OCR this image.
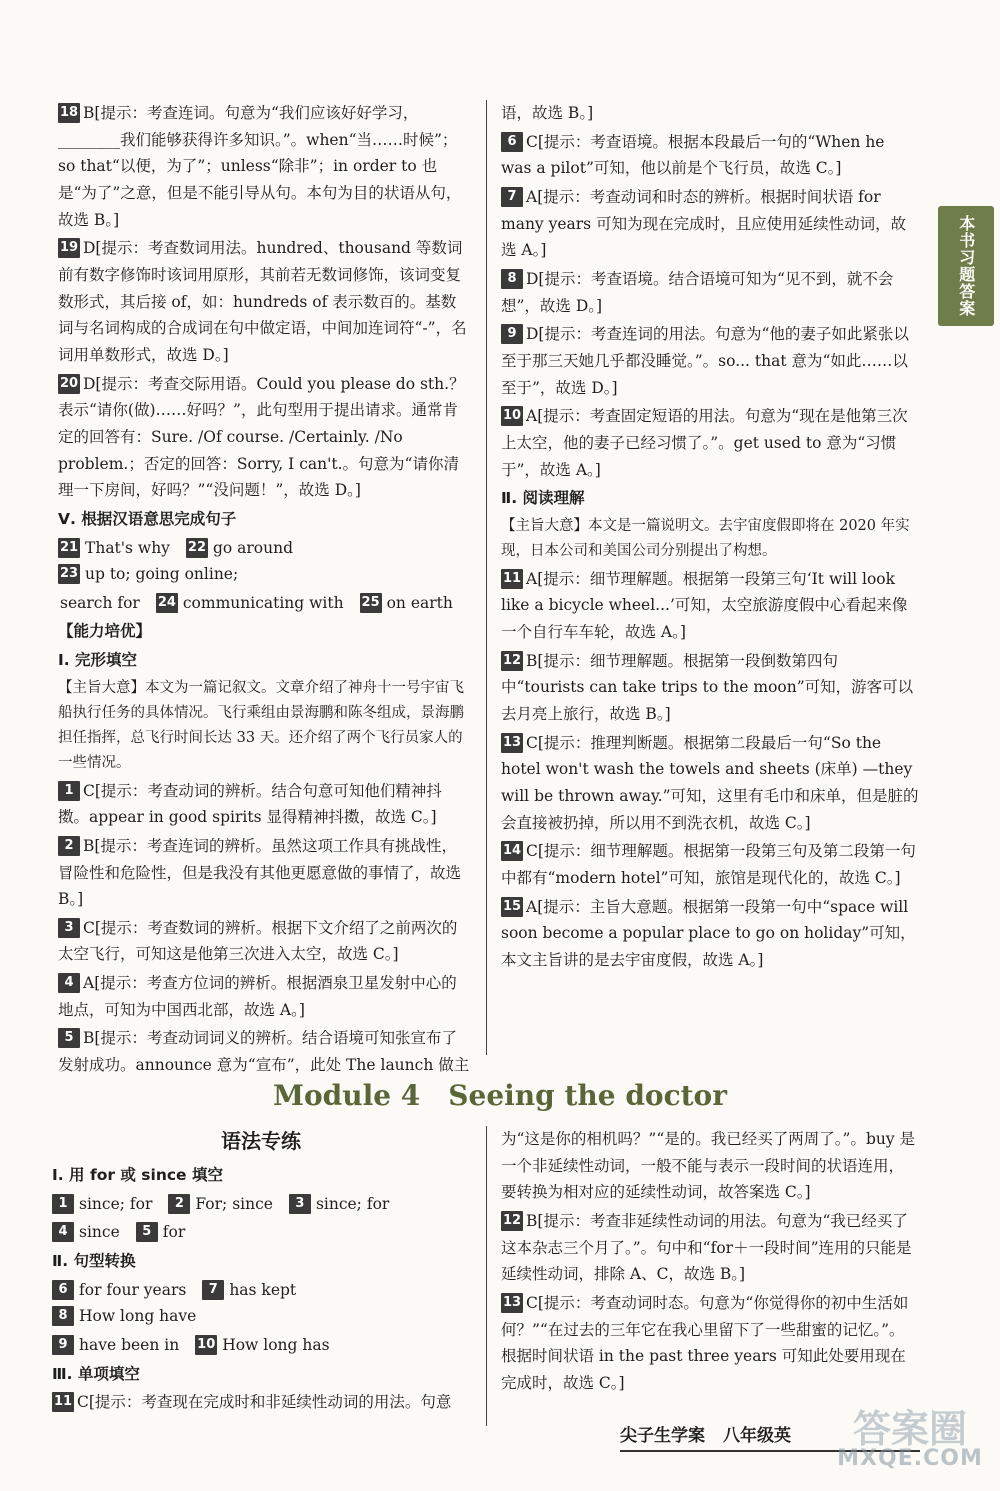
18 B[提示：考查连词。句意为“我们应该好好学习，________我们能够获得许多知识。”。when“当……时候”；so that“以便，为了”；unless“除非”；in order to 也是“为了”之意，但是不能引导从句。本句为目的状语从句，故选 B。]
19 D[提示：考查数词用法。hundred、thousand 等数词前有数字修饰时该词用原形，其前若无数词修饰，该词变复数形式，其后接 of，如：hundreds of 表示数百的。基数词与名词构成的合成词在句中做定语，中间加连词符“-”，名词用单数形式，故选 D。]
20 D[提示：考查交际用语。Could you please do sth.？表示“请你(做)……好吗？”，此句型用于提出请求。通常肯定的回答有：Sure. /Of course. /Certainly. /No problem.；否定的回答：Sorry, I can't.。句意为“请你清理一下房间，好吗？”“没问题！”，故选 D。]
Ⅴ. 根据汉语意思完成句子
21 That's why 22 go around23 up to; going online;
search for 24 communicating with 25 on earth
【能力培优】
Ⅰ. 完形填空
【主旨大意】本文为一篇记叙文。文章介绍了神舟十一号宇宙飞船执行任务的具体情况。飞行乘组由景海鹏和陈冬组成，景海鹏担任指挥，总飞行时间长达 33 天。还介绍了两个飞行员家人的一些情况。
1 C[提示：考查动词的辨析。结合句意可知他们精神抖擞。appear in good spirits 显得精神抖擞，故选 C。]
2 B[提示：考查连词的辨析。虽然这项工作具有挑战性，冒险性和危险性，但是我没有其他更愿意做的事情了，故选 B。]
3 C[提示：考查数词的辨析。根据下文介绍了之前两次的太空飞行，可知这是他第三次进入太空，故选 C。]
4 A[提示：考查方位词的辨析。根据酒泉卫星发射中心的地点，可知为中国西北部，故选 A。]
5 B[提示：考查动词词义的辨析。结合语境可知张宣布了发射成功。announce 意为“宣布”，此处 The launch 做主
语，故选 B。]
6 C[提示：考查语境。根据本段最后一句的“When he was a pilot”可知，他以前是个飞行员，故选 C。]
7 A[提示：考查动词和时态的辨析。根据时间状语 for many years 可知为现在完成时，且应使用延续性动词，故选 A。]
8 D[提示：考查语境。结合语境可知为“见不到，就不会想”，故选 D。]
9 D[提示：考查连词的用法。句意为“他的妻子如此紧张以至于那三天她几乎都没睡觉。”。so... that 意为“如此……以至于”，故选 D。]
10 A[提示：考查固定短语的用法。句意为“现在是他第三次上太空，他的妻子已经习惯了。”。get used to 意为“习惯于”，故选 A。]
Ⅱ. 阅读理解
【主旨大意】本文是一篇说明文。去宇宙度假即将在 2020 年实现，日本公司和美国公司分别提出了构想。
11 A[提示：细节理解题。根据第一段第三句‘It will look like a bicycle wheel...’可知，太空旅游度假中心看起来像一个自行车车轮，故选 A。]
12 B[提示：细节理解题。根据第一段倒数第四句中“tourists can take trips to the moon”可知，游客可以去月亮上旅行，故选 B。]
13 C[提示：推理判断题。根据第二段最后一句“So the hotel won't wash the towels and sheets (床单) —they will be thrown away.”可知，这里有毛巾和床单，但是脏的会直接被扔掉，所以用不到洗衣机，故选 C。]
14 C[提示：细节理解题。根据第一段第三句及第二段第一句中都有“modern hotel”可知，旅馆是现代化的，故选 C。]
15 A[提示：主旨大意题。根据第一段第一句中“space will soon become a popular place to go on holiday”可知，本文主旨讲的是去宇宙度假，故选 A。]
本书习题答案
Module 4 Seeing the doctor
语法专练
Ⅰ. 用 for 或 since 填空
1 since; for 2 For; since 3 since; for
4 since 5 for
Ⅱ. 句型转换
6 for four years 7 has kept8 How long have
9 have been in 10 How long has
Ⅲ. 单项填空
11 C[提示：考查现在完成时和非延续性动词的用法。句意
为“这是你的相机吗？”“是的。我已经买了两周了。”。buy 是一个非延续性动词，一般不能与表示一段时间的状语连用，要转换为相对应的延续性动词，故答案选 C。]
12 B[提示：考查非延续性动词的用法。句意为“我已经买了这本杂志三个月了。”。句中和“for＋一段时间”连用的只能是延续性动词，排除 A、C，故选 B。]
13 C[提示：考查动词时态。句意为“你觉得你的初中生活如何？”“在过去的三年它在我心里留下了一些甜蜜的记忆。”。根据时间状语 in the past three years 可知此处要用现在完成时，故选 C。]
尖子生学案 八年级英 答案圈
MXQE.COM
